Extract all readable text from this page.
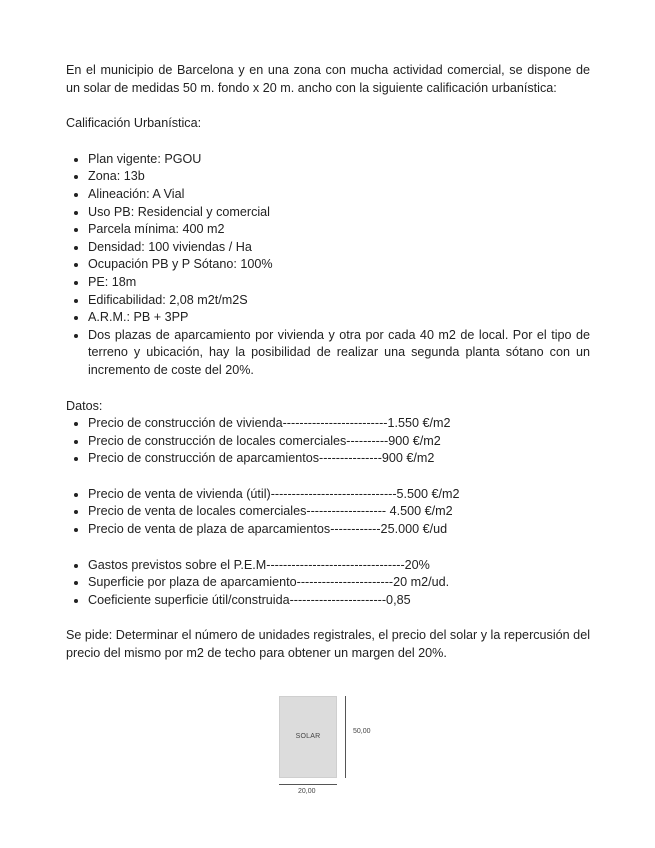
En el municipio de Barcelona y en una zona con mucha actividad comercial, se dispone de un solar de medidas 50 m. fondo x 20 m. ancho con la siguiente calificación urbanística:

Calificación Urbanística:

Plan vigente: PGOU
Zona: 13b
Alineación: A Vial
Uso PB: Residencial y comercial
Parcela mínima: 400 m2
Densidad: 100 viviendas / Ha
Ocupación PB y P Sótano: 100%
PE: 18m
Edificabilidad: 2,08 m2t/m2S
A.R.M.: PB + 3PP
Dos plazas de aparcamiento por vivienda y otra por cada 40 m2 de local. Por el tipo de terreno y ubicación, hay la posibilidad de realizar una segunda planta sótano con un incremento de coste del 20%.

Datos:

Precio de construcción de vivienda-------------------------1.550 €/m2
Precio de construcción de locales comerciales----------900 €/m2
Precio de construcción de aparcamientos---------------900 €/m2
Precio de venta de vivienda (útil)------------------------------5.500 €/m2
Precio de venta de locales comerciales------------------- 4.500 €/m2
Precio de venta de plaza de aparcamientos------------25.000 €/ud
Gastos previstos sobre el P.E.M---------------------------------20%
Superficie por plaza de aparcamiento-----------------------20 m2/ud.
Coeficiente superficie útil/construida-----------------------0,85

Se pide: Determinar el número de unidades registrales, el precio del solar y la repercusión del precio del mismo por m2 de techo para obtener un margen del 20%.

SOLAR
50,00
20,00
